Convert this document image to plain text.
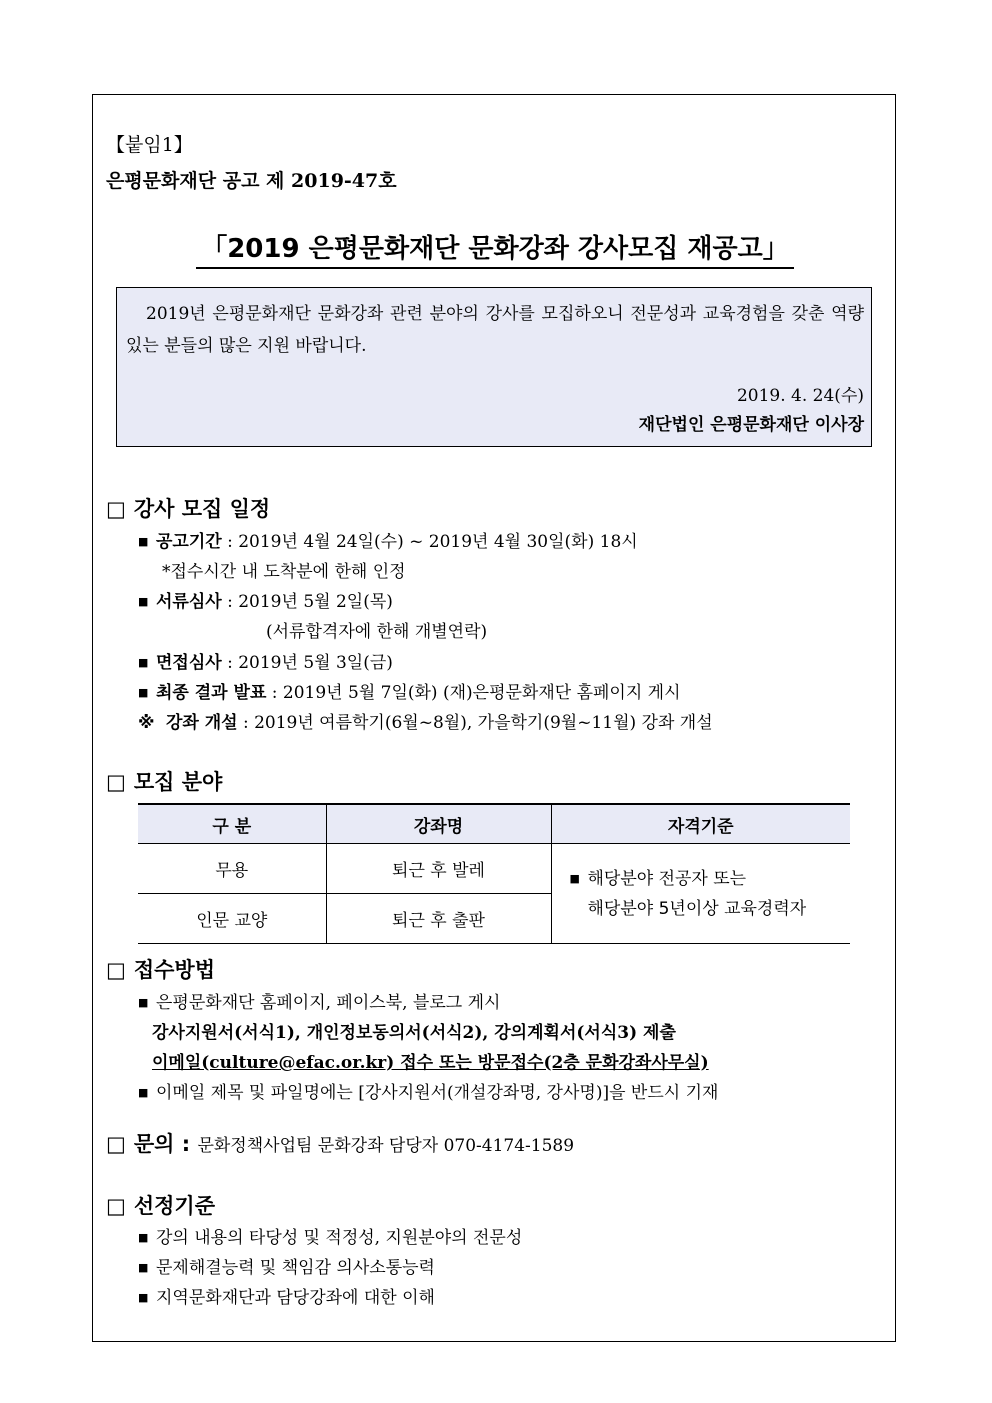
【붙임1】
은평문화재단 공고 제 2019-47호
「2019 은평문화재단 문화강좌 강사모집 재공고」
2019년 은평문화재단 문화강좌 관련 분야의 강사를 모집하오니 전문성과 교육경험을 갖춘 역량 있는 분들의 많은 지원 바랍니다.
2019. 4. 24(수)
재단법인 은평문화재단 이사장
□ 강사 모집 일정
■ 공고기간 : 2019년 4월 24일(수) ~ 2019년 4월 30일(화) 18시
*접수시간 내 도착분에 한해 인정
■ 서류심사 : 2019년 5월 2일(목)
(서류합격자에 한해 개별연락)
■ 면접심사 : 2019년 5월 3일(금)
■ 최종 결과 발표 : 2019년 5월 7일(화) (재)은평문화재단 홈페이지 게시
※ 강좌 개설 : 2019년 여름학기(6월~8월), 가을학기(9월~11월) 강좌 개설
□ 모집 분야
구 분	강좌명	자격기준
무용	퇴근 후 발레	■ 해당분야 전공자 또는
해당분야 5년이상 교육경력자
인문 교양	퇴근 후 출판	
□ 접수방법
■ 은평문화재단 홈페이지, 페이스북, 블로그 게시
강사지원서(서식1), 개인정보동의서(서식2), 강의계획서(서식3) 제출
이메일(culture@efac.or.kr) 접수 또는 방문접수(2층 문화강좌사무실)
■ 이메일 제목 및 파일명에는 [강사지원서(개설강좌명, 강사명)]을 반드시 기재
□ 문의 : 문화정책사업팀 문화강좌 담당자 070-4174-1589
□ 선정기준
■ 강의 내용의 타당성 및 적정성, 지원분야의 전문성
■ 문제해결능력 및 책임감 의사소통능력
■ 지역문화재단과 담당강좌에 대한 이해
